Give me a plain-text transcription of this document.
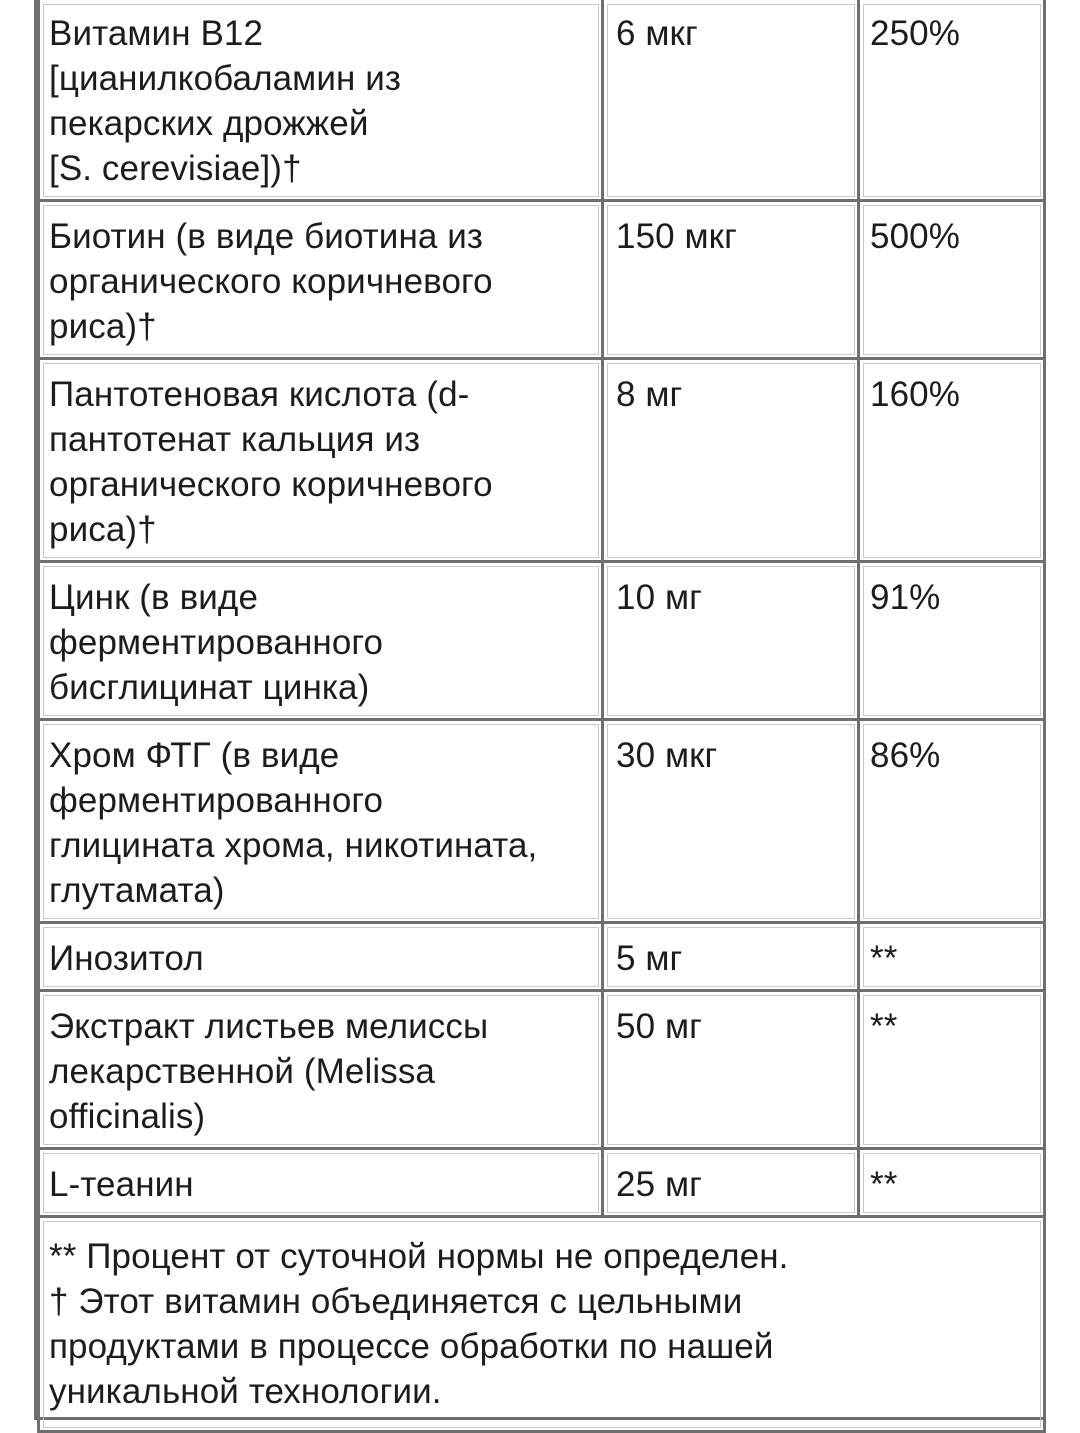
Витамин B12
[цианилкобаламин из
пекарских дрожжей
[S. cerevisiae])†	6 мкг	250%

Биотин (в виде биотина из
органического коричневого
риса)†	150 мкг	500%

Пантотеновая кислота (d-
пантотенат кальция из
органического коричневого
риса)†	8 мг	160%

Цинк (в виде
ферментированного
бисглицинат цинка)	10 мг	91%

Хром ФТГ (в виде
ферментированного
глицината хрома, никотината,
глутамата)	30 мкг	86%

Инозитол	5 мг	**

Экстракт листьев мелиссы
лекарственной (Melissa
officinalis)	50 мг	**

L-теанин	25 мг	**

** Процент от суточной нормы не определен.
† Этот витамин объединяется с цельными
продуктами в процессе обработки по нашей
уникальной технологии.		
